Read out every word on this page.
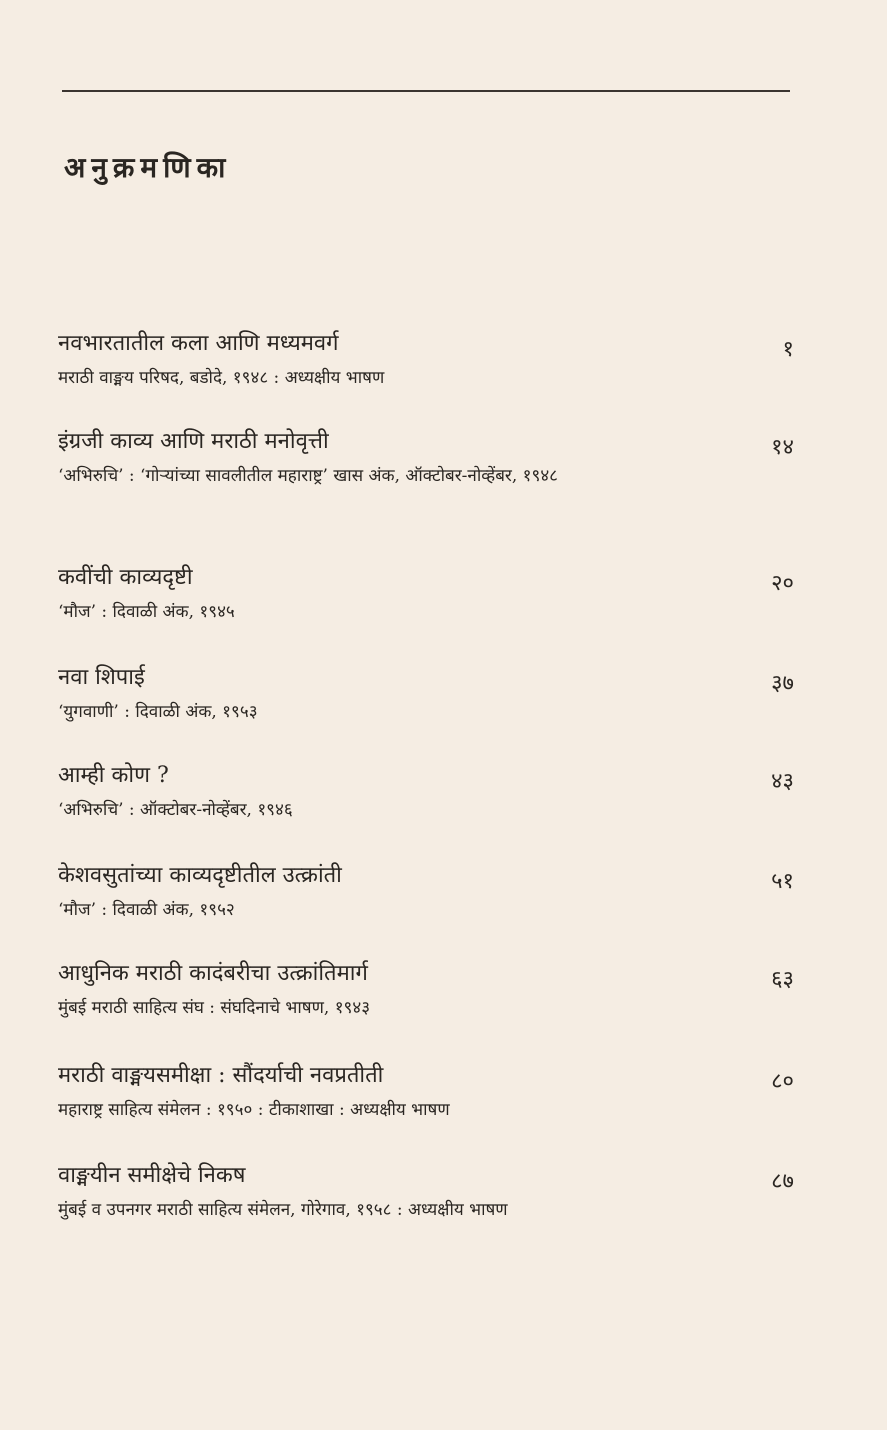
अनुक्रमणिका
नवभारतातील कला आणि मध्यमवर्ग
मराठी वाङ्मय परिषद, बडोदे, १९४८ : अध्यक्षीय भाषण
१
इंग्रजी काव्य आणि मराठी मनोवृत्ती
‘अभिरुचि’ : ‘गोऱ्यांच्या सावलीतील महाराष्ट्र’ खास अंक, ऑक्टोबर-नोव्हेंबर, १९४८
१४
कवींची काव्यदृष्टी
‘मौज’ : दिवाळी अंक, १९४५
२०
नवा शिपाई
‘युगवाणी’ : दिवाळी अंक, १९५३
३७
आम्ही कोण ?
‘अभिरुचि’ : ऑक्टोबर-नोव्हेंबर, १९४६
४३
केशवसुतांच्या काव्यदृष्टीतील उत्क्रांती
‘मौज’ : दिवाळी अंक, १९५२
५१
आधुनिक मराठी कादंबरीचा उत्क्रांतिमार्ग
मुंबई मराठी साहित्य संघ : संघदिनाचे भाषण, १९४३
६३
मराठी वाङ्मयसमीक्षा : सौंदर्याची नवप्रतीती
महाराष्ट्र साहित्य संमेलन : १९५० : टीकाशाखा : अध्यक्षीय भाषण
८०
वाङ्मयीन समीक्षेचे निकष
मुंबई व उपनगर मराठी साहित्य संमेलन, गोरेगाव, १९५८ : अध्यक्षीय भाषण
८७
